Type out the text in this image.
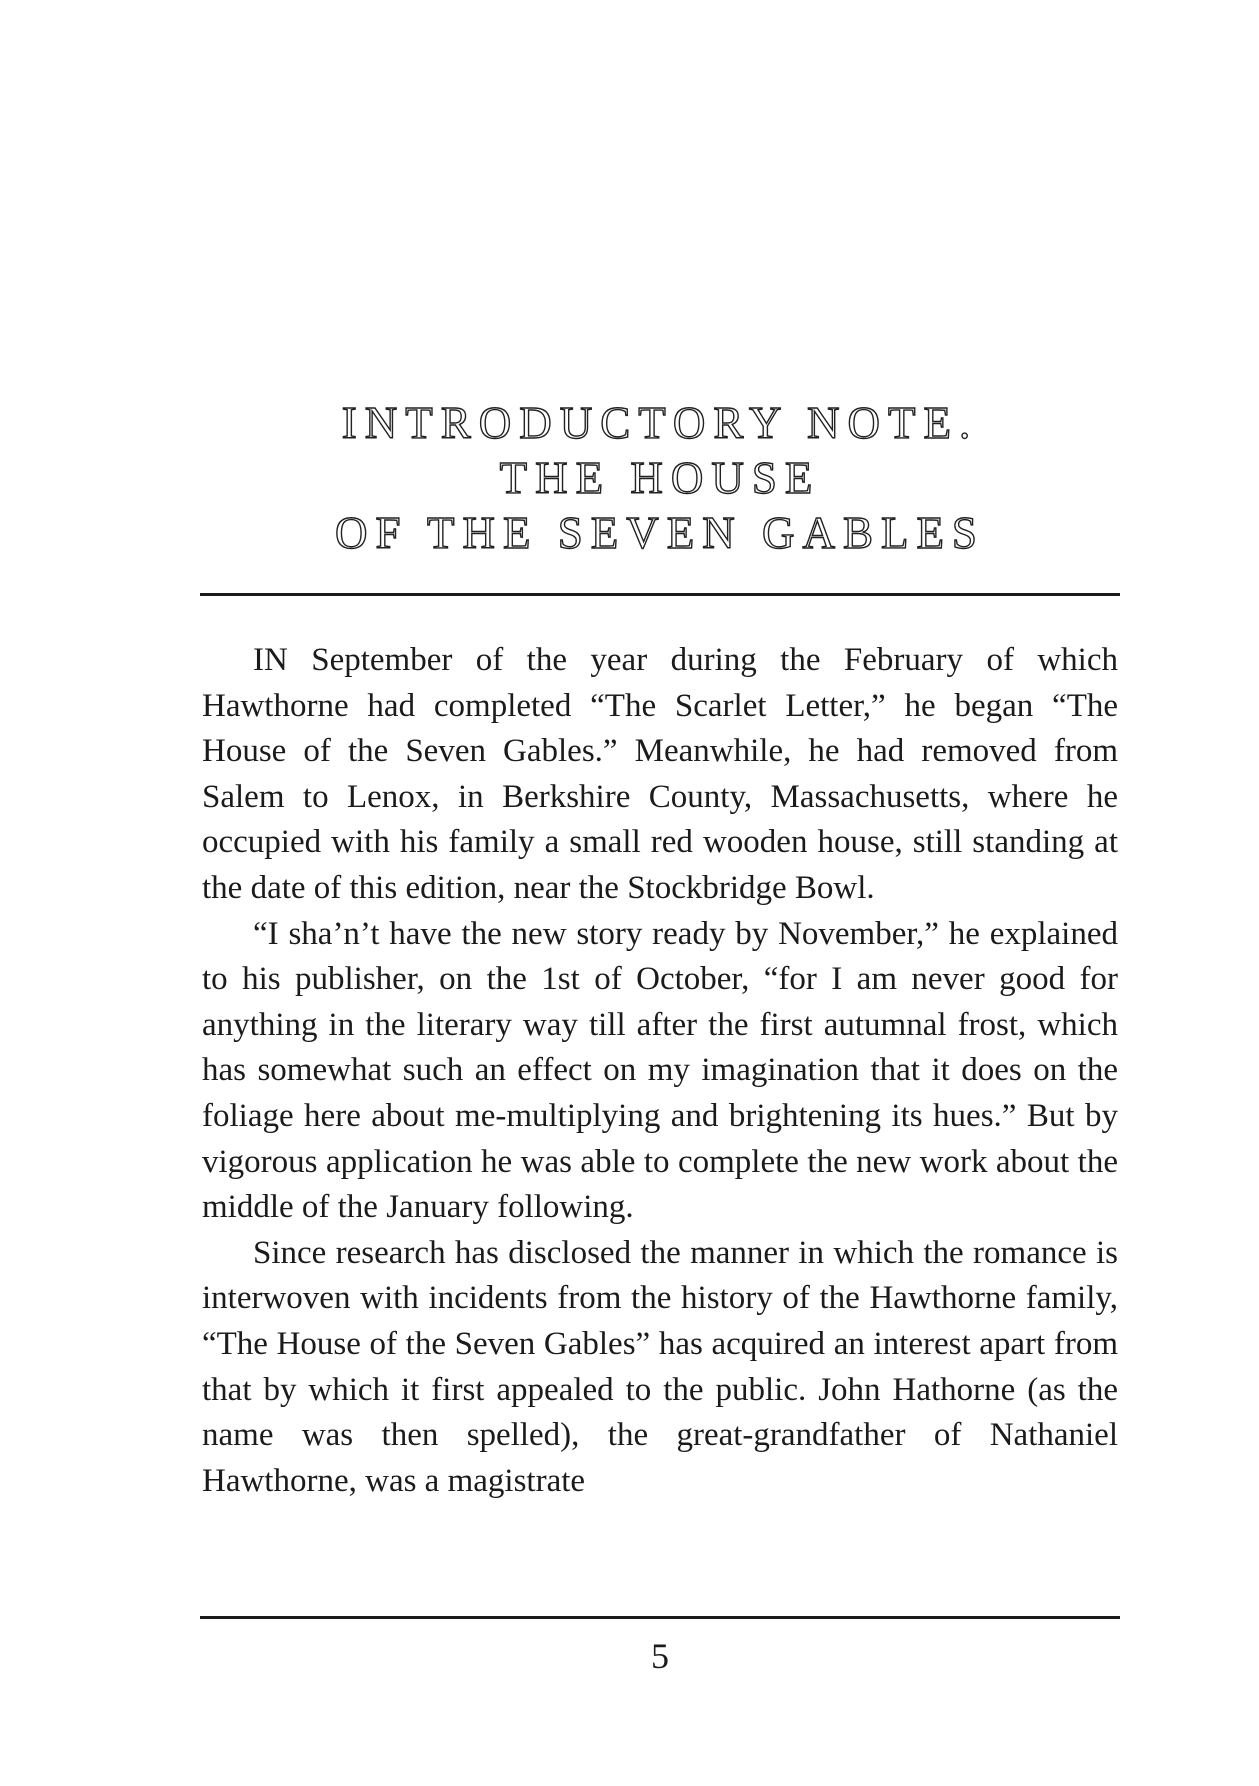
INTRODUCTORY NOTE.
THE HOUSE
OF THE SEVEN GABLES

IN September of the year during the February of which Hawthorne had completed “The Scarlet Letter,” he began “The House of the Seven Gables.” Meanwhile, he had removed from Salem to Lenox, in Berkshire County, Massachusetts, where he occupied with his family a small red wooden house, still standing at the date of this edition, near the Stockbridge Bowl.

“I sha’n’t have the new story ready by November,” he explained to his publisher, on the 1st of October, “for I am never good for anything in the literary way till after the first autumnal frost, which has somewhat such an effect on my imagination that it does on the foliage here about me-multiplying and brightening its hues.” But by vigorous application he was able to complete the new work about the middle of the January following.

Since research has disclosed the manner in which the romance is interwoven with incidents from the history of the Hawthorne family, “The House of the Seven Gables” has acquired an interest apart from that by which it first appealed to the public. John Hathorne (as the name was then spelled), the great-grandfather of Nathaniel Hawthorne, was a magistrate

5
